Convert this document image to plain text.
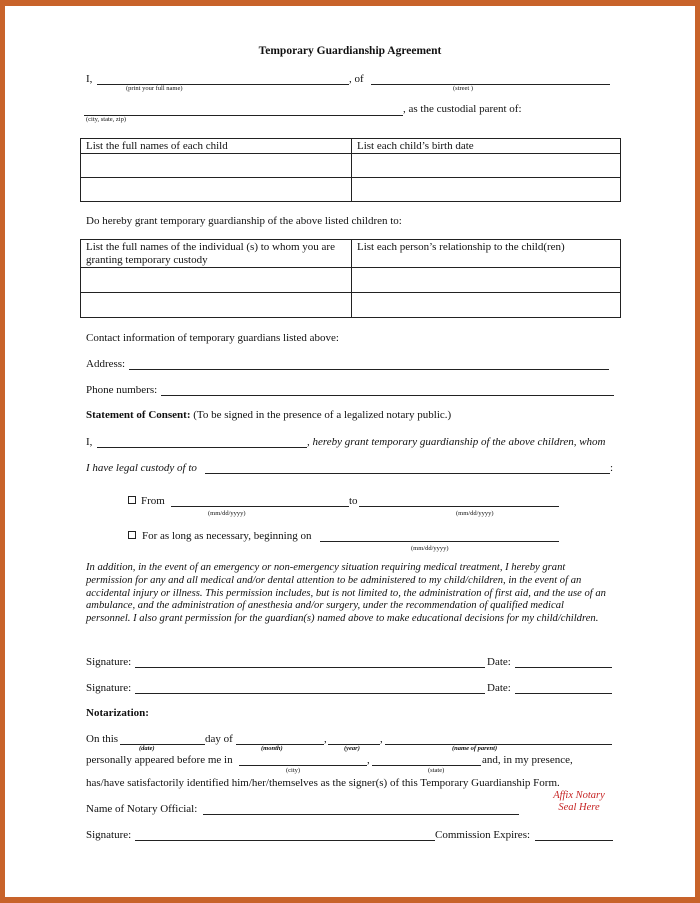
Temporary Guardianship Agreement
I,	, of
(print your full name)	(street )
, as the custodial parent of:
(city, state, zip)
List the full names of each child	List each child’s birth date

Do hereby grant temporary guardianship of the above listed children to:
List the full names of the individual (s) to whom you are granting temporary custody	List each person’s relationship to the child(ren)

Contact information of temporary guardians listed above:
Address:
Phone numbers:
Statement of Consent: (To be signed in the presence of a legalized notary public.)
I,	, hereby grant temporary guardianship of the above children, whom
I have legal custody of to	:
From	to
(mm/dd/yyyy)	(mm/dd/yyyy)
For as long as necessary, beginning on
(mm/dd/yyyy)
In addition, in the event of an emergency or non-emergency situation requiring medical treatment, I hereby grant permission for any and all medical and/or dental attention to be administered to my child/children, in the event of an accidental injury or illness. This permission includes, but is not limited to, the administration of first aid, and the use of an ambulance, and the administration of anesthesia and/or surgery, under the recommendation of qualified medical personnel. I also grant permission for the guardian(s) named above to make educational decisions for my child/children.
Signature:	Date:
Signature:	Date:
Notarization:
On this	day of	,	,
(date)	(month)	(year)	(name of parent)
personally appeared before me in	,	and, in my presence,
(city)	(state)
has/have satisfactorily identified him/her/themselves as the signer(s) of this Temporary Guardianship Form.
Name of Notary Official:
Affix Notary
Seal Here
Signature:	Commission Expires:
